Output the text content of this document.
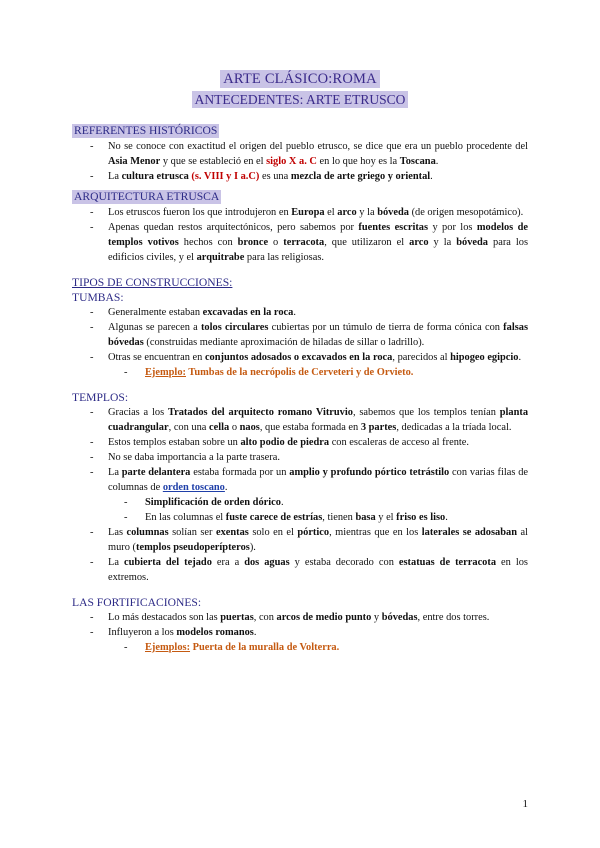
ARTE CLÁSICO:ROMA
ANTECEDENTES: ARTE ETRUSCO
REFERENTES HISTÓRICOS
- No se conoce con exactitud el origen del pueblo etrusco, se dice que era un pueblo procedente del Asia Menor y que se estableció en el siglo X a. C en lo que hoy es la Toscana.
- La cultura etrusca (s. VIII y I a.C) es una mezcla de arte griego y oriental.
ARQUITECTURA ETRUSCA
- Los etruscos fueron los que introdujeron en Europa el arco y la bóveda (de origen mesopotámico).
- Apenas quedan restos arquitectónicos, pero sabemos por fuentes escritas y por los modelos de templos votivos hechos con bronce o terracota, que utilizaron el arco y la bóveda para los edificios civiles, y el arquitrabe para las religiosas.
TIPOS DE CONSTRUCCIONES:
TUMBAS:
- Generalmente estaban excavadas en la roca.
- Algunas se parecen a tolos circulares cubiertas por un túmulo de tierra de forma cónica con falsas bóvedas (construidas mediante aproximación de hiladas de sillar o ladrillo).
- Otras se encuentran en conjuntos adosados o excavados en la roca, parecidos al hipogeo egipcio.
- Ejemplo: Tumbas de la necrópolis de Cerveteri y de Orvieto.
TEMPLOS:
- Gracias a los Tratados del arquitecto romano Vitruvio, sabemos que los templos tenían planta cuadrangular, con una cella o naos, que estaba formada en 3 partes, dedicadas a la tríada local.
- Estos templos estaban sobre un alto podio de piedra con escaleras de acceso al frente.
- No se daba importancia a la parte trasera.
- La parte delantera estaba formada por un amplio y profundo pórtico tetrástilo con varias filas de columnas de orden toscano.
- Simplificación de orden dórico.
- En las columnas el fuste carece de estrías, tienen basa y el friso es liso.
- Las columnas solían ser exentas solo en el pórtico, mientras que en los laterales se adosaban al muro (templos pseudoperípteros).
- La cubierta del tejado era a dos aguas y estaba decorado con estatuas de terracota en los extremos.
LAS FORTIFICACIONES:
- Lo más destacados son las puertas, con arcos de medio punto y bóvedas, entre dos torres.
- Influyeron a los modelos romanos.
- Ejemplos: Puerta de la muralla de Volterra.
1
